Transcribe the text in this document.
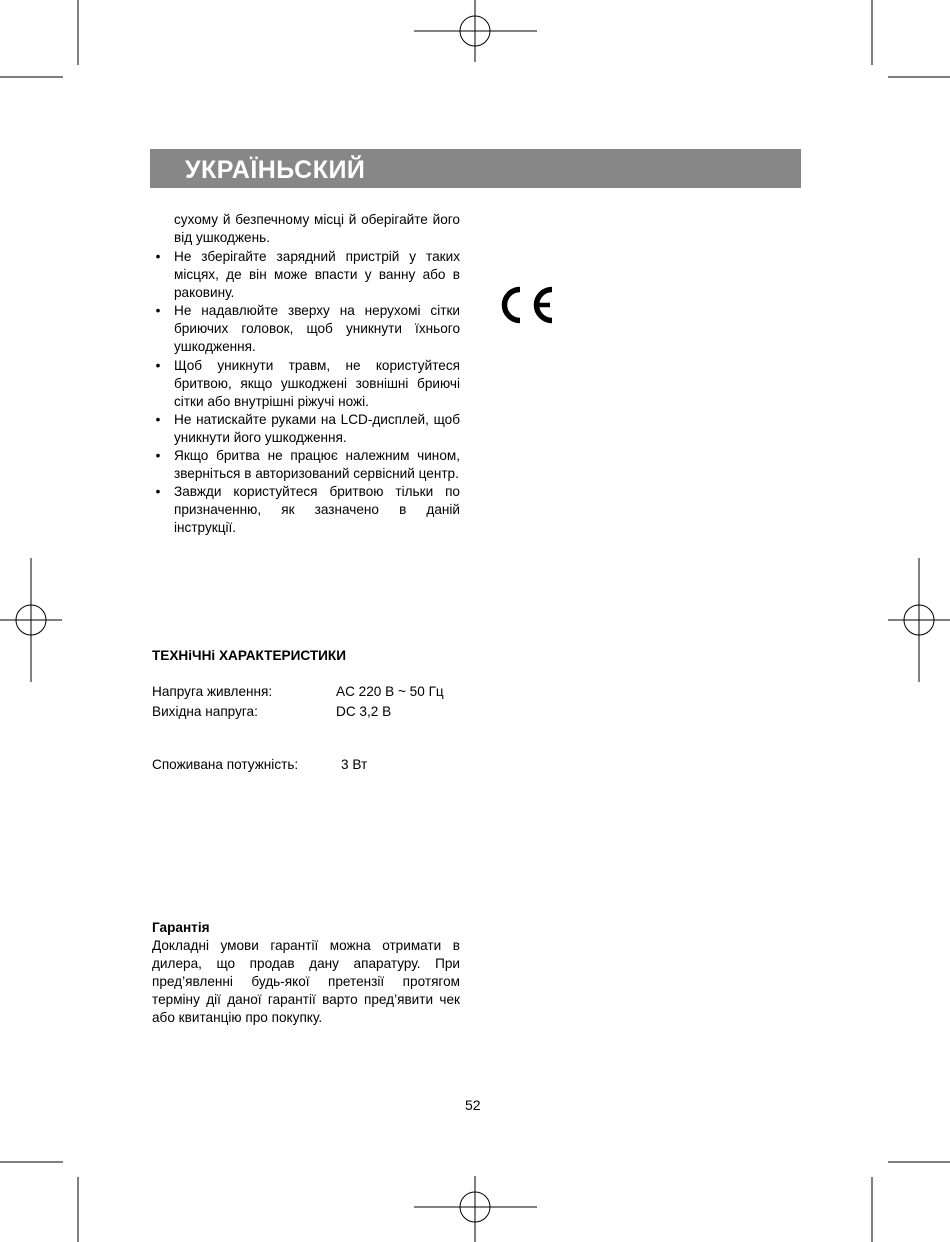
УКРАЇНЬСКИЙ

сухому й безпечному місці й оберігайте його від ушкоджень.

• Не зберігайте зарядний пристрій у таких місцях, де він може впасти у ванну або в раковину.
• Не надавлюйте зверху на нерухомі сітки бриючих головок, щоб уникнути їхнього ушкодження.
• Щоб уникнути травм, не користуйтеся бритвою, якщо ушкоджені зовнішні бриючі сітки або внутрішні ріжучі ножі.
• Не натискайте руками на LCD-дисплей, щоб уникнути його ушкодження.
• Якщо бритва не працює належним чином, зверніться в авторизований сервісний центр.
• Завжди користуйтеся бритвою тільки по призначенню, як зазначено в даній інструкції.
ТЕХНіЧНі ХАРАКТЕРИСТИКИ
Напруга живлення:	AC 220 В ~ 50 Гц
Вихідна напруга:	DC 3,2 В
Споживана потужність:	3 Вт
Гарантія

Докладні умови гарантії можна отримати в дилера, що продав дану апаратуру. При пред’явленні будь-якої претензії протягом терміну дії даної гарантії варто пред’явити чек або квитанцію про покупку.

52
